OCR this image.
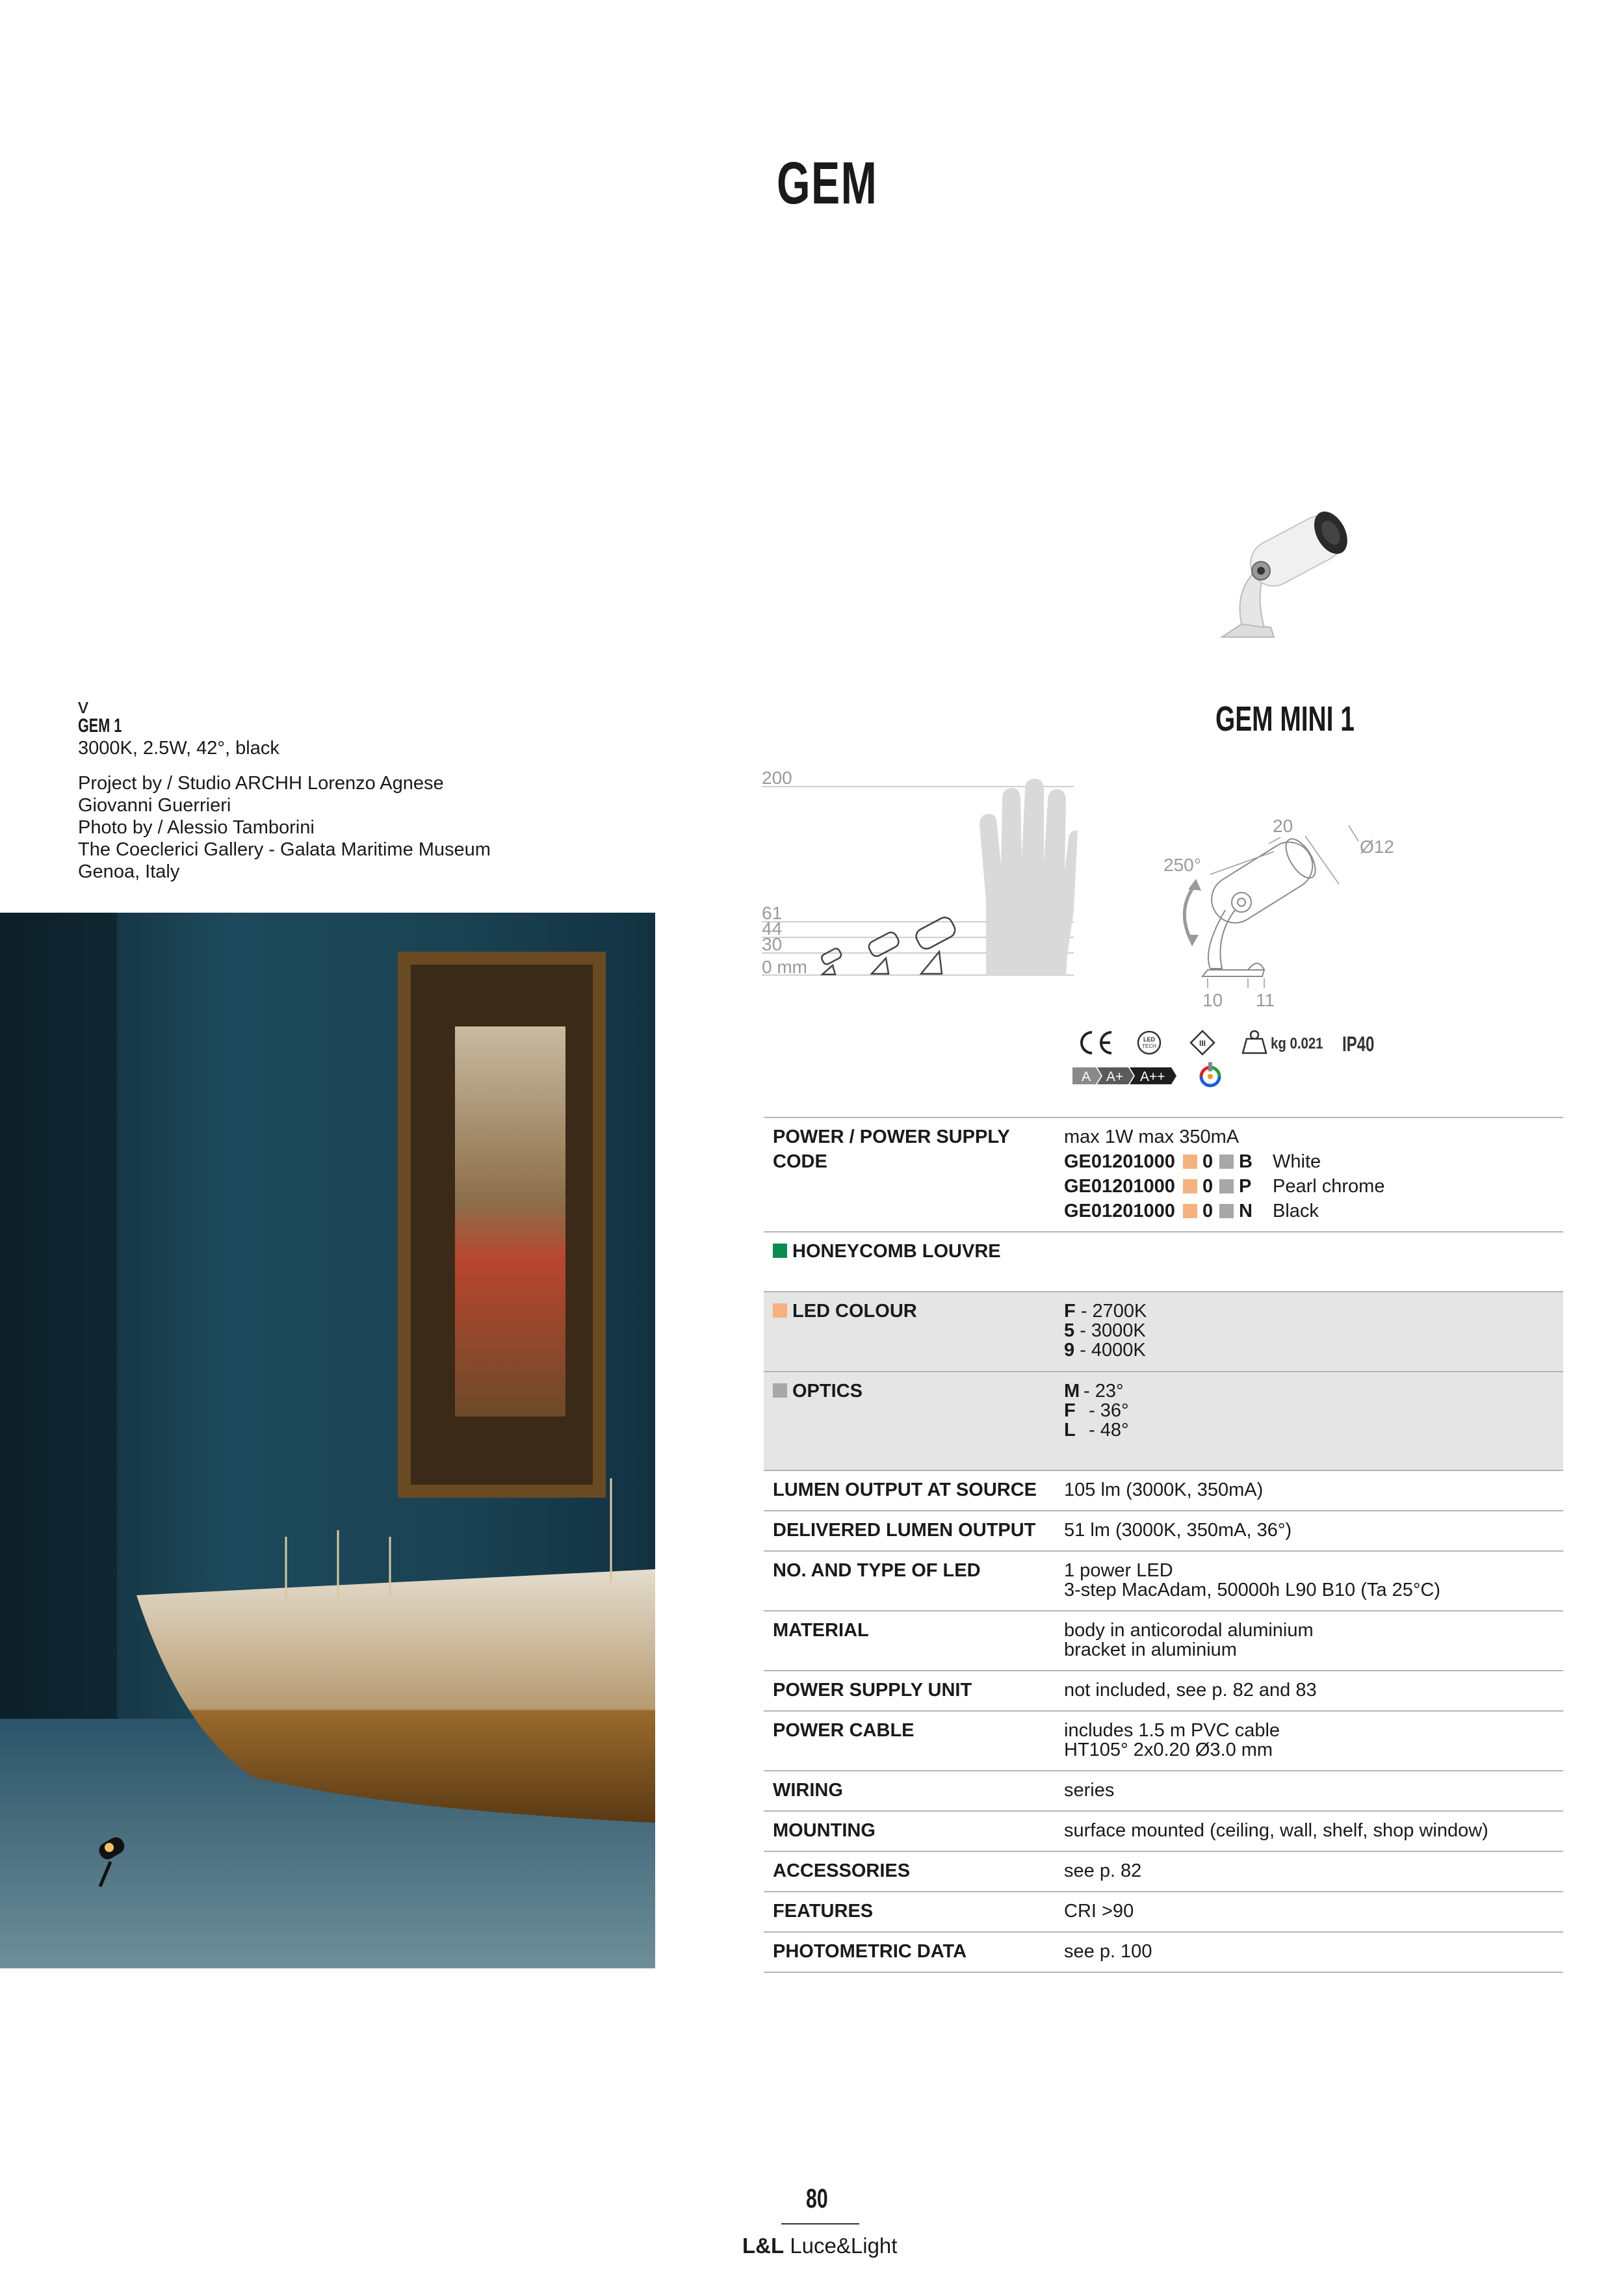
GEM
v
GEM 1
3000K, 2.5W, 42°, black
Project by / Studio ARCHH Lorenzo Agnese
Giovanni Guerrieri
Photo by / Alessio Tamborini
The Coeclerici Gallery - Galata Maritime Museum
Genoa, Italy
GEM MINI 1
200
61
44
30
0 mm
250°
20
Ø12
10 11
LED
TECH	III
A A+ A++
kg 0.021 IP40
POWER / POWER SUPPLY
CODE
max 1W max 350mA
GE01201000	0	B	White
GE01201000	0	P	Pearl chrome
GE01201000	0	N	Black
HONEYCOMB LOUVRE
LED COLOUR	F - 2700K
5 - 3000K
9 - 4000K
OPTICS	M - 23°
F - 36°
L - 48°
LUMEN OUTPUT AT SOURCE	105 lm (3000K, 350mA)
DELIVERED LUMEN OUTPUT	51 lm (3000K, 350mA, 36°)
NO. AND TYPE OF LED	1 power LED
3-step MacAdam, 50000h L90 B10 (Ta 25°C)
MATERIAL	body in anticorodal aluminium
bracket in aluminium
POWER SUPPLY UNIT	not included, see p. 82 and 83
POWER CABLE	includes 1.5 m PVC cable
HT105° 2x0.20 Ø3.0 mm
WIRING	series
MOUNTING	surface mounted (ceiling, wall, shelf, shop window)
ACCESSORIES	see p. 82
FEATURES	CRI >90
PHOTOMETRIC DATA	see p. 100
80
L&L Luce&Light
